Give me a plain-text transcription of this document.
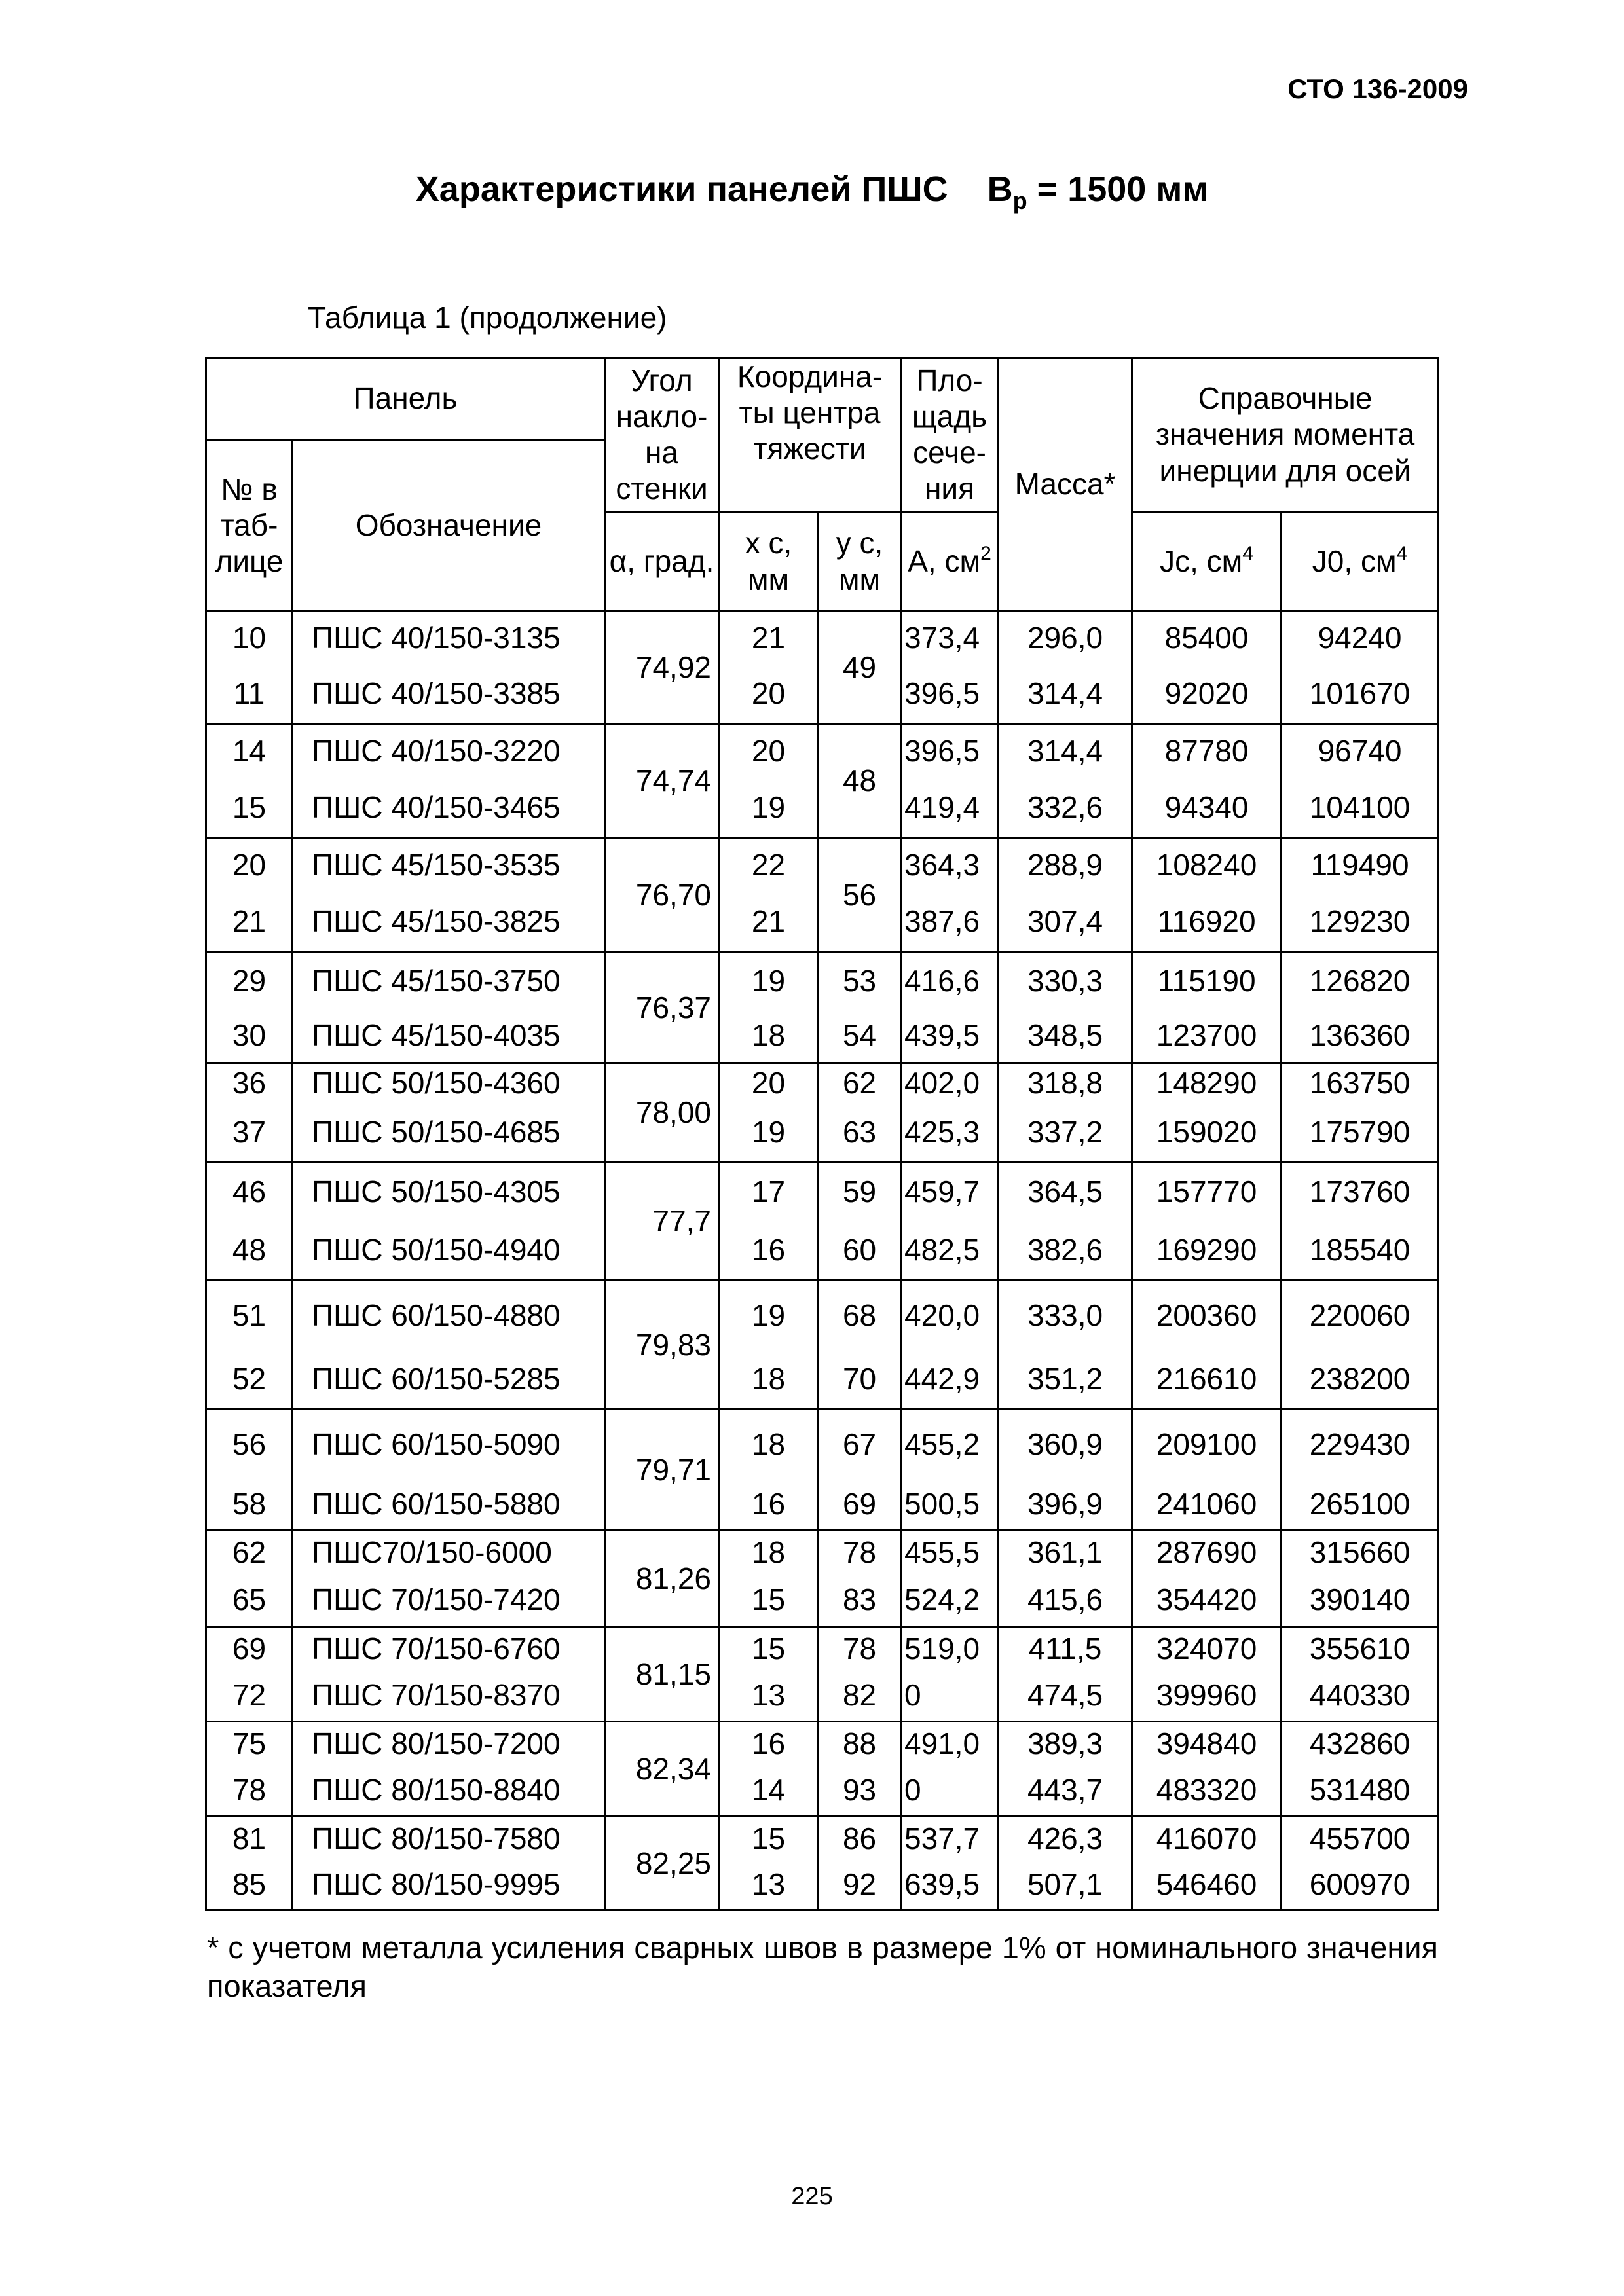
СТО 136-2009
Характеристики панелей ПШС $B_p = 1500$ мм
Таблица 1 (продолжение)
Панель		Угол накло-на стенки	Координа-ты центра тяжести		Пло-щадь сече-ния	Масса*	Справочные значения момента инерции для осей	
№ в таб-лице	Обозначение							
		α, град.	x c, мм	y c, мм	А, $см^2$		Jc, $см^4$	J0, $см^4$
10	ПШС 40/150-3135	74,92	21	49	373,4	296,0	85400	94240
11	ПШС 40/150-3385		20		396,5	314,4	92020	101670
14	ПШС 40/150-3220	74,74	20	48	396,5	314,4	87780	96740
15	ПШС 40/150-3465		19		419,4	332,6	94340	104100
20	ПШС 45/150-3535	76,70	22	56	364,3	288,9	108240	119490
21	ПШС 45/150-3825		21		387,6	307,4	116920	129230
29	ПШС 45/150-3750	76,37	19	53	416,6	330,3	115190	126820
30	ПШС 45/150-4035		18	54	439,5	348,5	123700	136360
36	ПШС 50/150-4360	78,00	20	62	402,0	318,8	148290	163750
37	ПШС 50/150-4685		19	63	425,3	337,2	159020	175790
46	ПШС 50/150-4305	77,7	17	59	459,7	364,5	157770	173760
48	ПШС 50/150-4940		16	60	482,5	382,6	169290	185540
51	ПШС 60/150-4880	79,83	19	68	420,0	333,0	200360	220060
52	ПШС 60/150-5285		18	70	442,9	351,2	216610	238200
56	ПШС 60/150-5090	79,71	18	67	455,2	360,9	209100	229430
58	ПШС 60/150-5880		16	69	500,5	396,9	241060	265100
62	ПШС70/150-6000	81,26	18	78	455,5	361,1	287690	315660
65	ПШС 70/150-7420		15	83	524,2	415,6	354420	390140
69	ПШС 70/150-6760	81,15	15	78	519,0	411,5	324070	355610
72	ПШС 70/150-8370		13	82	0	474,5	399960	440330
75	ПШС 80/150-7200	82,34	16	88	491,0	389,3	394840	432860
78	ПШС 80/150-8840		14	93	0	443,7	483320	531480
81	ПШС 80/150-7580	82,25	15	86	537,7	426,3	416070	455700
85	ПШС 80/150-9995		13	92	639,5	507,1	546460	600970
* с учетом металла усиления сварных швов в размере 1% от номинального значения показателя
225
